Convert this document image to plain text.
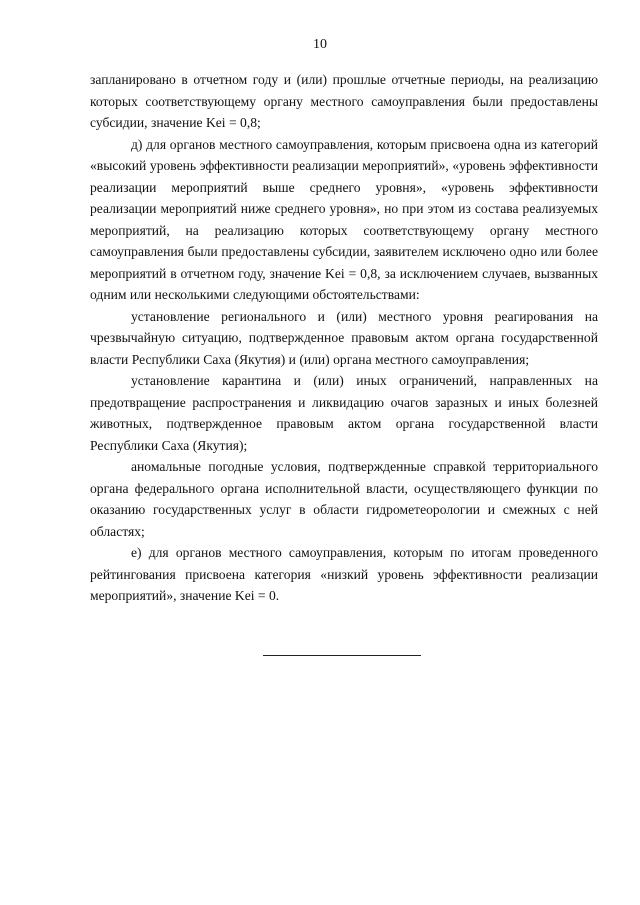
10

запланировано в отчетном году и (или) прошлые отчетные периоды, на реализацию которых соответствующему органу местного самоуправления были предоставлены субсидии, значение Kei = 0,8;

д) для органов местного самоуправления, которым присвоена одна из категорий «высокий уровень эффективности реализации мероприятий», «уровень эффективности реализации мероприятий выше среднего уровня», «уровень эффективности реализации мероприятий ниже среднего уровня», но при этом из состава реализуемых мероприятий, на реализацию которых соответствующему органу местного самоуправления были предоставлены субсидии, заявителем исключено одно или более мероприятий в отчетном году, значение Kei = 0,8, за исключением случаев, вызванных одним или несколькими следующими обстоятельствами:

установление регионального и (или) местного уровня реагирования на чрезвычайную ситуацию, подтвержденное правовым актом органа государственной власти Республики Саха (Якутия) и (или) органа местного самоуправления;

установление карантина и (или) иных ограничений, направленных на предотвращение распространения и ликвидацию очагов заразных и иных болезней животных, подтвержденное правовым актом органа государственной власти Республики Саха (Якутия);

аномальные погодные условия, подтвержденные справкой территориального органа федерального органа исполнительной власти, осуществляющего функции по оказанию государственных услуг в области гидрометеорологии и смежных с ней областях;

е) для органов местного самоуправления, которым по итогам проведенного рейтингования присвоена категория «низкий уровень эффективности реализации мероприятий», значение Kei = 0.
